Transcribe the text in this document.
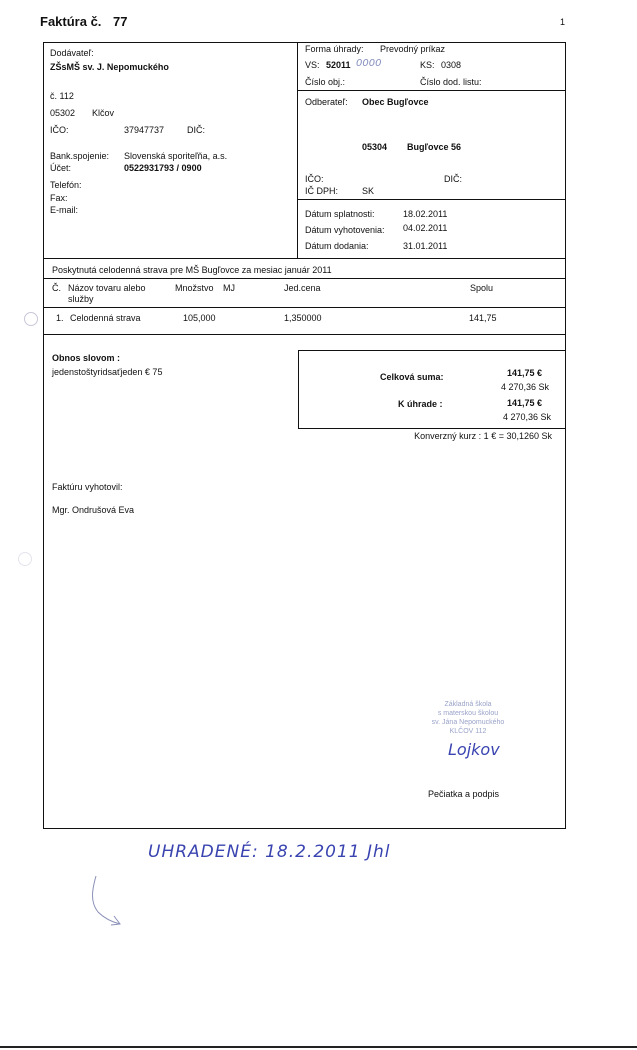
Faktúra č. 77	1
Dodávateľ:
ZŠsMŠ sv. J. Nepomuckého
č. 112
05302 Klčov
IČO:	37947737	DIČ:
Bank.spojenie: Slovenská sporiteľňa, a.s.
Účet:	0522931793 / 0900
Telefón:
Fax:
E-mail:
Forma úhrady: Prevodný príkaz
VS: 52011 0000	KS: 0308
Číslo obj.:	Číslo dod. listu:
Odberateľ: Obec Bugľovce
05304 Bugľovce 56
IČO:	DIČ:
IČ DPH:	SK
Dátum splatnosti:	18.02.2011
Dátum vyhotovenia: 04.02.2011
Dátum dodania:	31.01.2011
Poskytnutá celodenná strava pre MŠ Bugľovce za mesiac január 2011
Č. Názov tovaru alebo
služby
Množstvo MJ	Jed.cena	Spolu
1. Celodenná strava	105,000	1,350000	141,75
Obnos slovom :
jedenstoštyridsaťjeden € 75	Celková suma:	141,75 €
4 270,36 Sk
K úhrade :	141,75 €
4 270,36 Sk
Konverzný kurz : 1 € = 30,1260 Sk
Faktúru vyhotovil:
Mgr. Ondrušová Eva
Základná škola
s materskou školou
sv. Jána Nepomuckého
KLČOV 112
Lojkov
Pečiatka a podpis
UHRADENÉ: 18.2.2011 Jhl
